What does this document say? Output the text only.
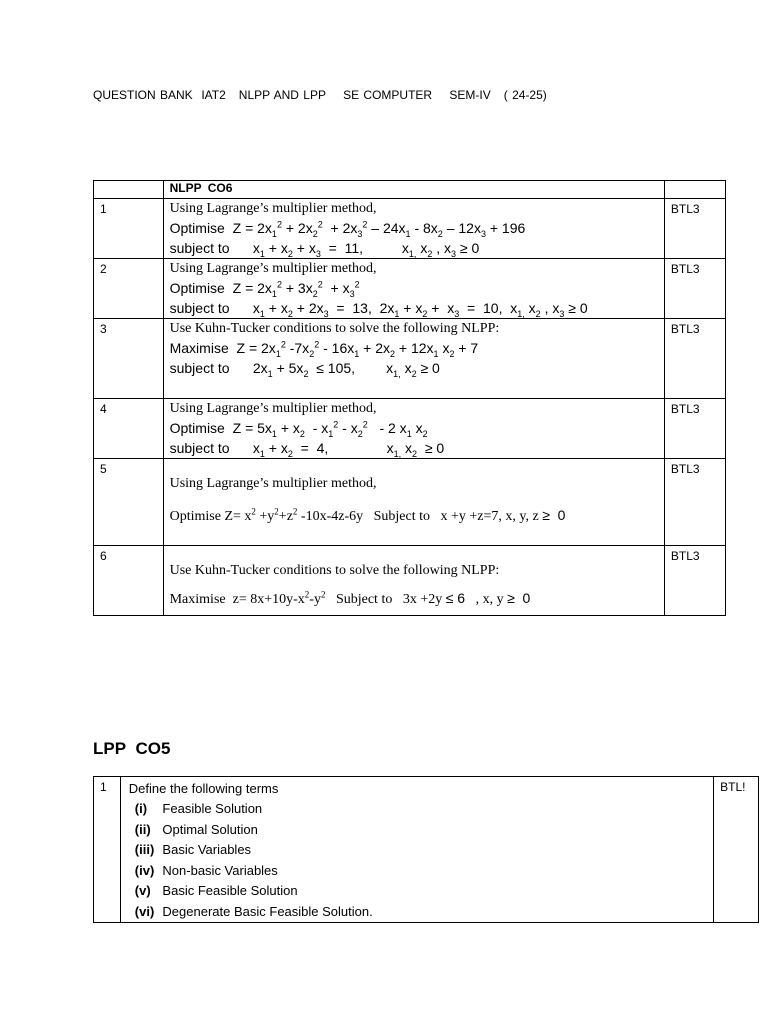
QUESTION BANK  IAT2   NLPP AND LPP    SE COMPUTER    SEM-IV   ( 24-25)
	NLPP CO6	
1	Using Lagrange’s multiplier method,
Optimise  $Z = 2x_1^2 + 2x_2^2 + 2x_3^2 - 24x_1 - 8x_2 - 12x_3 + 196$
subject to      $x_1 + x_2 + x_3 = 11$,          $x_{1,}$ $x_2$ , $x_3 \ge 0$	BTL3
2	Using Lagrange’s multiplier method,
Optimise  $Z = 2x_1^2 + 3x_2^2 + x_3^2$
subject to      $x_1 + x_2 + 2x_3 = 13$,  $2x_1 + x_2 + x_3 = 10$,  $x_{1,}$ $x_2$ , $x_3 \ge 0$	BTL3
3	Use Kuhn-Tucker conditions to solve the following NLPP:
Maximise  $Z = 2x_1^2$ $-7x_2^2 - 16x_1 + 2x_2 + 12x_1$ $x_2 + 7$
subject to      $2x_1 + 5x_2 \le 105$,        $x_{1,}$ $x_2 \ge 0$	BTL3
4	Using Lagrange’s multiplier method,
Optimise  $Z = 5x_1 + x_2 - x_1^2 - x_2^2 - 2$ $x_1$ $x_2$
subject to      $x_1 + x_2 = 4$,               $x_{1,}$ $x_2 \ge 0$	BTL3
5	Using Lagrange’s multiplier method,
Optimise $Z= x^2 +y^2+z^2$ -10x-4z-6y   Subject to   x +y +z=7, x, y, z ≥  0	BTL3
6	Use Kuhn-Tucker conditions to solve the following NLPP:
Maximise  $z= 8x+10y-x^2-y^2$   Subject to   3x +2y ≤ 6   , x, y ≥  0	BTL3
LPP CO5
1	Define the following terms
(i) Feasible Solution
(ii) Optimal Solution
(iii) Basic Variables
(iv) Non-basic Variables
(v) Basic Feasible Solution
(vi) Degenerate Basic Feasible Solution.
	BTL!
